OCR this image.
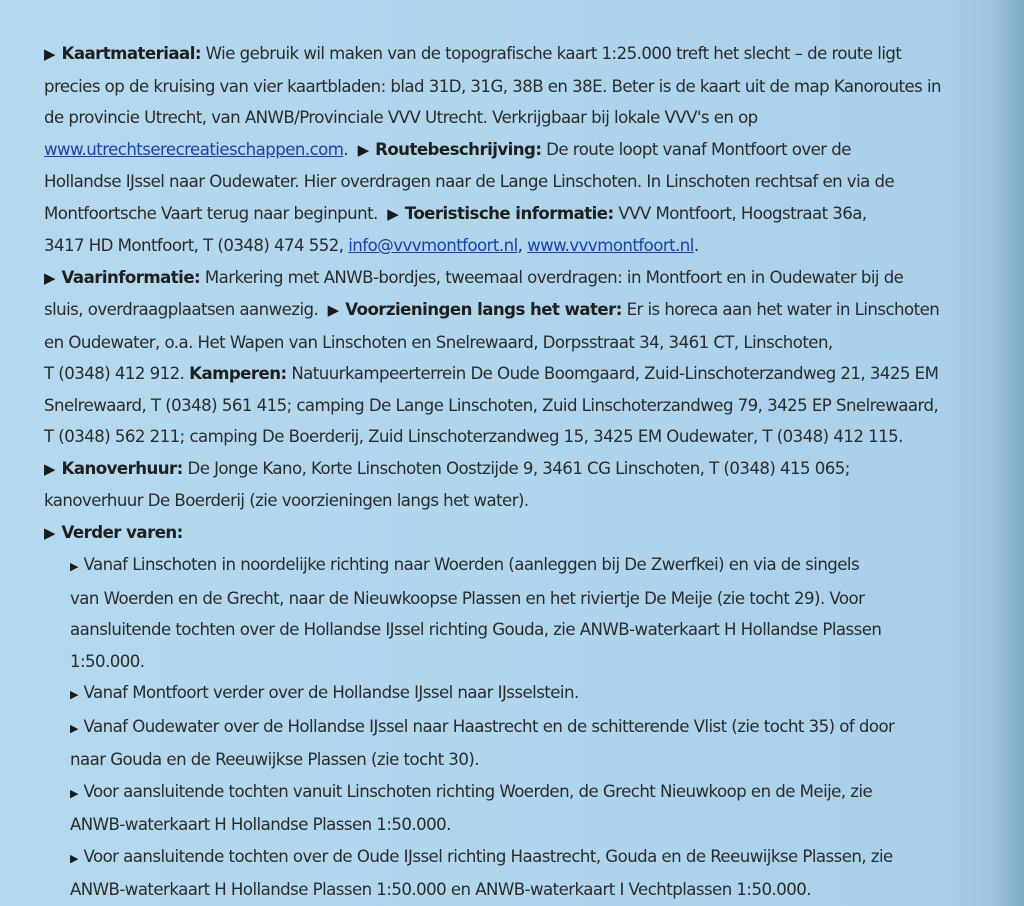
▶ Kaartmateriaal: Wie gebruik wil maken van de topografische kaart 1:25.000 treft het slecht – de route ligt
precies op de kruising van vier kaartbladen: blad 31D, 31G, 38B en 38E. Beter is de kaart uit de map Kanoroutes in
de provincie Utrecht, van ANWB/Provinciale VVV Utrecht. Verkrijgbaar bij lokale VVV's en op
www.utrechtserecreatieschappen.com. ▶ Routebeschrijving: De route loopt vanaf Montfoort over de
Hollandse IJssel naar Oudewater. Hier overdragen naar de Lange Linschoten. In Linschoten rechtsaf en via de
Montfoortsche Vaart terug naar beginpunt. ▶ Toeristische informatie: VVV Montfoort, Hoogstraat 36a,
3417 HD Montfoort, T (0348) 474 552, info@vvvmontfoort.nl, www.vvvmontfoort.nl.
▶ Vaarinformatie: Markering met ANWB-bordjes, tweemaal overdragen: in Montfoort en in Oudewater bij de
sluis, overdraagplaatsen aanwezig. ▶ Voorzieningen langs het water: Er is horeca aan het water in Linschoten
en Oudewater, o.a. Het Wapen van Linschoten en Snelrewaard, Dorpsstraat 34, 3461 CT, Linschoten,
T (0348) 412 912. Kamperen: Natuurkampeerterrein De Oude Boomgaard, Zuid-Linschoterzandweg 21, 3425 EM
Snelrewaard, T (0348) 561 415; camping De Lange Linschoten, Zuid Linschoterzandweg 79, 3425 EP Snelrewaard,
T (0348) 562 211; camping De Boerderij, Zuid Linschoterzandweg 15, 3425 EM Oudewater, T (0348) 412 115.
▶ Kanoverhuur: De Jonge Kano, Korte Linschoten Oostzijde 9, 3461 CG Linschoten, T (0348) 415 065;
kanoverhuur De Boerderij (zie voorzieningen langs het water).
▶ Verder varen:
▶ Vanaf Linschoten in noordelijke richting naar Woerden (aanleggen bij De Zwerfkei) en via de singels
van Woerden en de Grecht, naar de Nieuwkoopse Plassen en het riviertje De Meije (zie tocht 29). Voor
aansluitende tochten over de Hollandse IJssel richting Gouda, zie ANWB-waterkaart H Hollandse Plassen
1:50.000.
▶ Vanaf Montfoort verder over de Hollandse IJssel naar IJsselstein.
▶ Vanaf Oudewater over de Hollandse IJssel naar Haastrecht en de schitterende Vlist (zie tocht 35) of door
naar Gouda en de Reeuwijkse Plassen (zie tocht 30).
▶ Voor aansluitende tochten vanuit Linschoten richting Woerden, de Grecht Nieuwkoop en de Meije, zie
ANWB-waterkaart H Hollandse Plassen 1:50.000.
▶ Voor aansluitende tochten over de Oude IJssel richting Haastrecht, Gouda en de Reeuwijkse Plassen, zie
ANWB-waterkaart H Hollandse Plassen 1:50.000 en ANWB-waterkaart I Vechtplassen 1:50.000.
